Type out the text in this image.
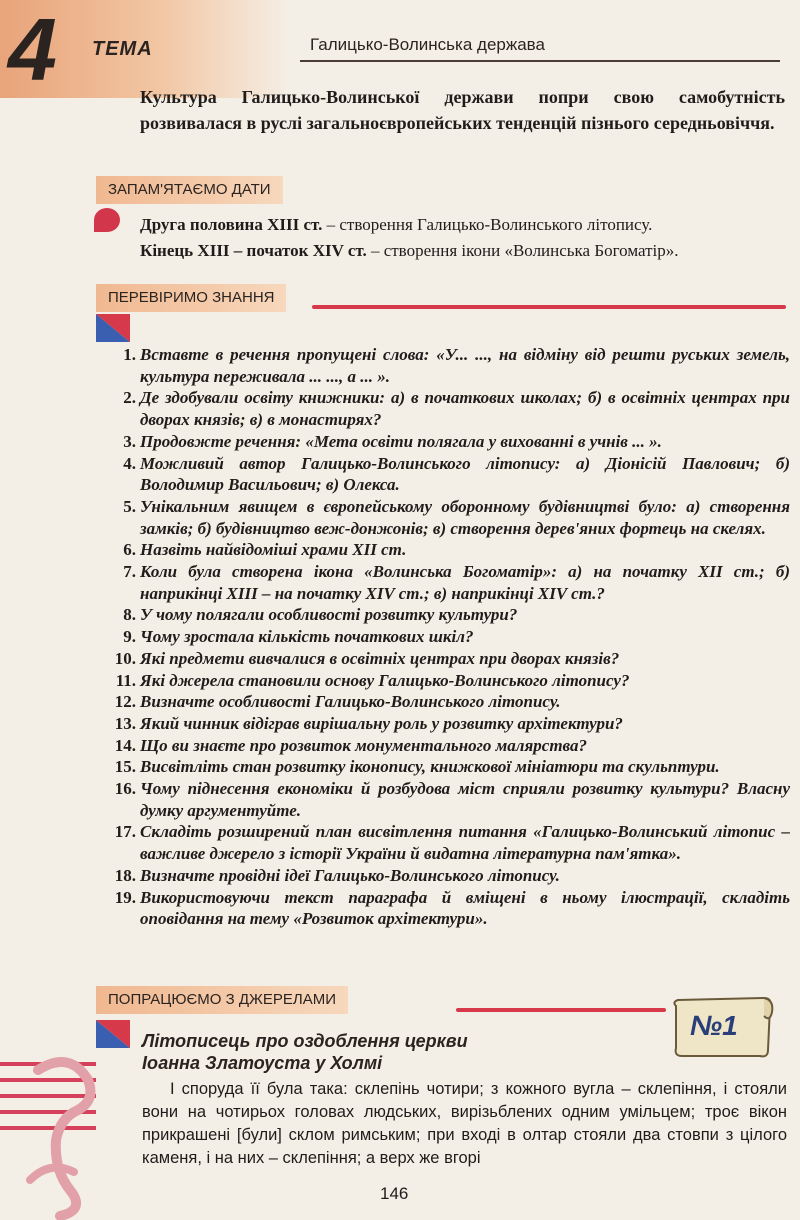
4 ТЕМА	Галицько-Волинська держава
Культура Галицько-Волинської держави попри свою самобутність розвивалася в руслі загальноєвропейських тенденцій пізнього середньовіччя.
ЗАПАМ'ЯТАЄМО ДАТИ
Друга половина XIII ст. – створення Галицько-Волинського літопису.
Кінець XIII – початок XIV ст. – створення ікони «Волинська Богоматір».
ПЕРЕВІРИМО ЗНАННЯ
1. Вставте в речення пропущені слова: «У... ..., на відміну від решти руських земель, культура переживала ... ..., а ... ».
2. Де здобували освіту книжники: а) в початкових школах; б) в освітніх центрах при дворах князів; в) в монастирях?
3. Продовжте речення: «Мета освіти полягала у вихованні в учнів ... ».
4. Можливий автор Галицько-Волинського літопису: а) Діонісій Павлович; б) Володимир Васильович; в) Олекса.
5. Унікальним явищем в європейському оборонному будівництві було: а) створення замків; б) будівництво веж-донжонів; в) створення дерев'яних фортець на скелях.
6. Назвіть найвідоміші храми XII ст.
7. Коли була створена ікона «Волинська Богоматір»: а) на початку XII ст.; б) наприкінці XIII – на початку XIV ст.; в) наприкінці XIV ст.?
8. У чому полягали особливості розвитку культури?
9. Чому зростала кількість початкових шкіл?
10. Які предмети вивчалися в освітніх центрах при дворах князів?
11. Які джерела становили основу Галицько-Волинського літопису?
12. Визначте особливості Галицько-Волинського літопису.
13. Який чинник відіграв вирішальну роль у розвитку архітектури?
14. Що ви знаєте про розвиток монументального малярства?
15. Висвітліть стан розвитку іконопису, книжкової мініатюри та скульптури.
16. Чому піднесення економіки й розбудова міст сприяли розвитку культури? Власну думку аргументуйте.
17. Складіть розширений план висвітлення питання «Галицько-Волинський літопис – важливе джерело з історії України й видатна літературна пам'ятка».
18. Визначте провідні ідеї Галицько-Волинського літопису.
19. Використовуючи текст параграфа й вміщені в ньому ілюстрації, складіть оповідання на тему «Розвиток архітектури».
ПОПРАЦЮЄМО З ДЖЕРЕЛАМИ
№1
Літописець про оздоблення церкви
Іоанна Златоуста у Холмі
І споруда її була така: склепінь чотири; з кожного вугла – склепіння, і стояли вони на чотирьох головах людських, вирізьблених одним умільцем; троє вікон прикрашені [були] склом римським; при вході в олтар стояли два стовпи з цілого каменя, і на них – склепіння; а верх же вгорі
146
